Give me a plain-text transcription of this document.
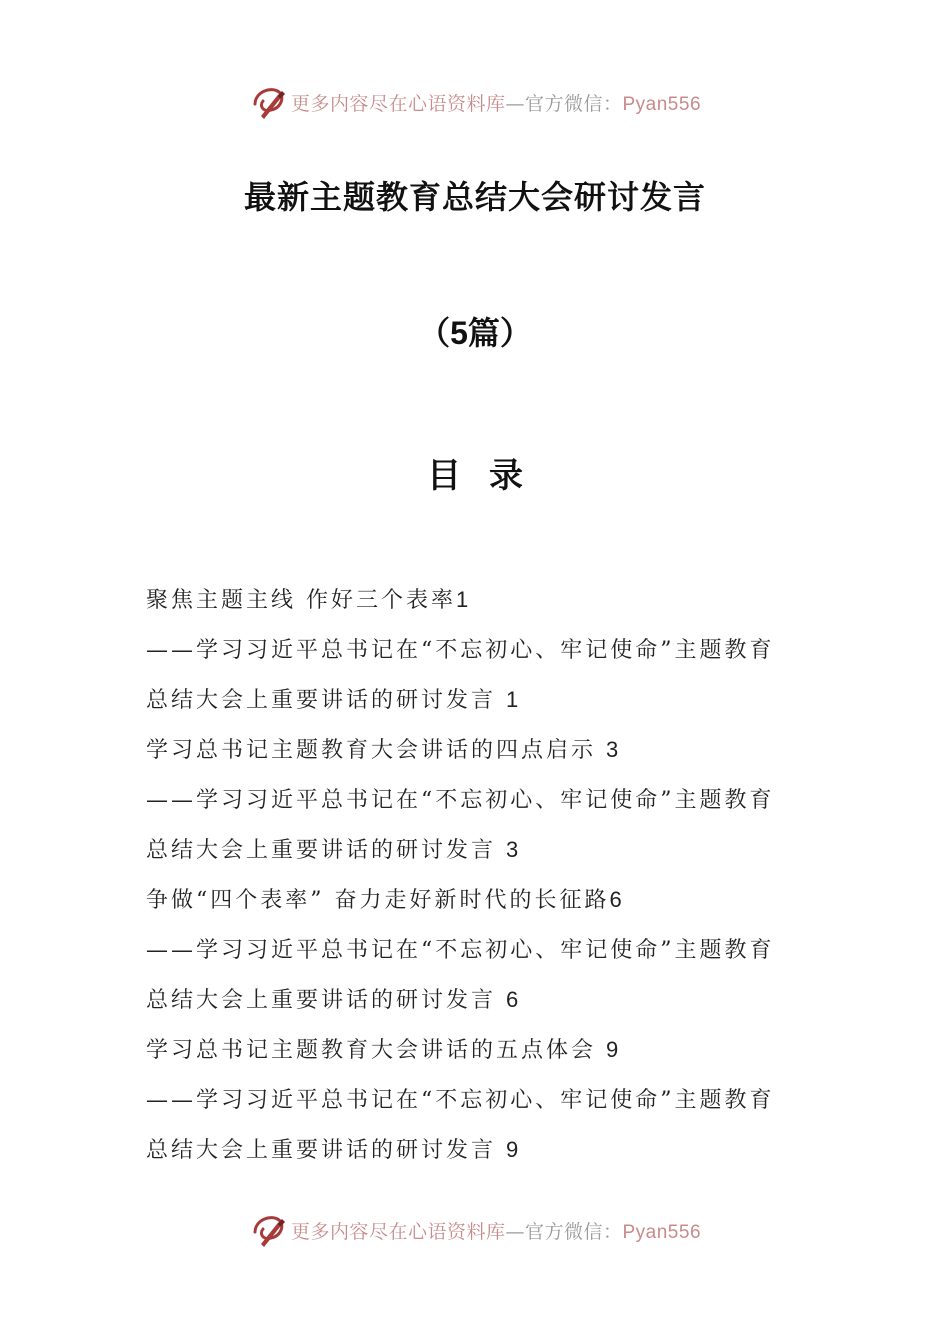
更多内容尽在心语资料库—官方微信：Pyan556
最新主题教育总结大会研讨发言
（5篇）
目录
聚焦主题主线 作好三个表率1
——学习习近平总书记在“不忘初心、牢记使命”主题教育
总结大会上重要讲话的研讨发言 1
学习总书记主题教育大会讲话的四点启示 3
——学习习近平总书记在“不忘初心、牢记使命”主题教育
总结大会上重要讲话的研讨发言 3
争做“四个表率” 奋力走好新时代的长征路6
——学习习近平总书记在“不忘初心、牢记使命”主题教育
总结大会上重要讲话的研讨发言 6
学习总书记主题教育大会讲话的五点体会 9
——学习习近平总书记在“不忘初心、牢记使命”主题教育
总结大会上重要讲话的研讨发言 9
更多内容尽在心语资料库—官方微信：Pyan556
